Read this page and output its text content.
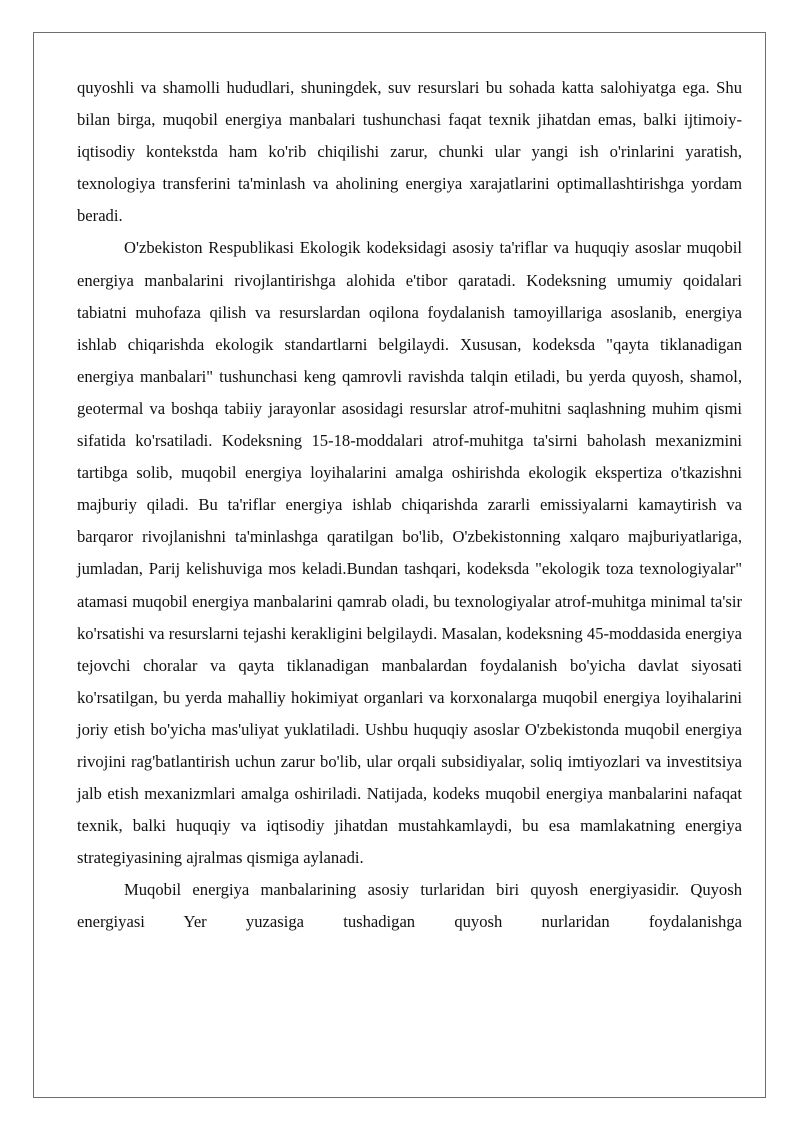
quyoshli va shamolli hududlari, shuningdek, suv resurslari bu sohada katta salohiyatga ega. Shu bilan birga, muqobil energiya manbalari tushunchasi faqat texnik jihatdan emas, balki ijtimoiy-iqtisodiy kontekstda ham ko'rib chiqilishi zarur, chunki ular yangi ish o'rinlarini yaratish, texnologiya transferini ta'minlash va aholining energiya xarajatlarini optimallashtirishga yordam beradi.

O'zbekiston Respublikasi Ekologik kodeksidagi asosiy ta'riflar va huquqiy asoslar muqobil energiya manbalarini rivojlantirishga alohida e'tibor qaratadi. Kodeksning umumiy qoidalari tabiatni muhofaza qilish va resurslardan oqilona foydalanish tamoyillariga asoslanib, energiya ishlab chiqarishda ekologik standartlarni belgilaydi. Xususan, kodeksda "qayta tiklanadigan energiya manbalari" tushunchasi keng qamrovli ravishda talqin etiladi, bu yerda quyosh, shamol, geotermal va boshqa tabiiy jarayonlar asosidagi resurslar atrof-muhitni saqlashning muhim qismi sifatida ko'rsatiladi. Kodeksning 15-18-moddalari atrof-muhitga ta'sirni baholash mexanizmini tartibga solib, muqobil energiya loyihalarini amalga oshirishda ekologik ekspertiza o'tkazishni majburiy qiladi. Bu ta'riflar energiya ishlab chiqarishda zararli emissiyalarni kamaytirish va barqaror rivojlanishni ta'minlashga qaratilgan bo'lib, O'zbekistonning xalqaro majburiyatlariga, jumladan, Parij kelishuviga mos keladi.Bundan tashqari, kodeksda "ekologik toza texnologiyalar" atamasi muqobil energiya manbalarini qamrab oladi, bu texnologiyalar atrof-muhitga minimal ta'sir ko'rsatishi va resurslarni tejashi kerakligini belgilaydi. Masalan, kodeksning 45-moddasida energiya tejovchi choralar va qayta tiklanadigan manbalardan foydalanish bo'yicha davlat siyosati ko'rsatilgan, bu yerda mahalliy hokimiyat organlari va korxonalarga muqobil energiya loyihalarini joriy etish bo'yicha mas'uliyat yuklatiladi. Ushbu huquqiy asoslar O'zbekistonda muqobil energiya rivojini rag'batlantirish uchun zarur bo'lib, ular orqali subsidiyalar, soliq imtiyozlari va investitsiya jalb etish mexanizmlari amalga oshiriladi. Natijada, kodeks muqobil energiya manbalarini nafaqat texnik, balki huquqiy va iqtisodiy jihatdan mustahkamlaydi, bu esa mamlakatning energiya strategiyasining ajralmas qismiga aylanadi.

Muqobil energiya manbalarining asosiy turlaridan biri quyosh energiyasidir. Quyosh energiyasi Yer yuzasiga tushadigan quyosh nurlaridan foydalanishga
